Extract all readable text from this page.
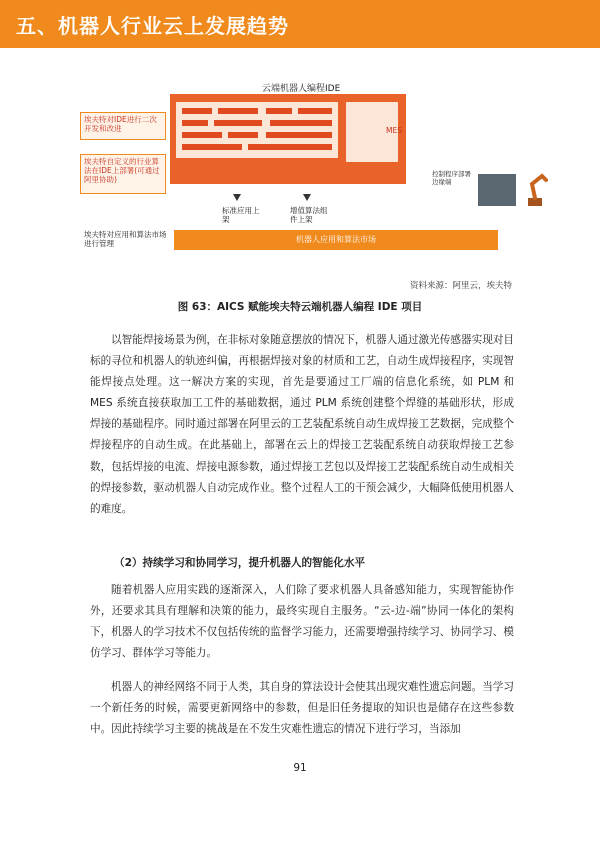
五、机器人行业云上发展趋势
埃夫特对IDE进行二次开发和改进
埃夫特自定义的行业算法在IDE上部署(可通过阿里协助)
埃夫特对应用和算法市场进行管理
云端机器人编程IDE
MES
标准应用上架
增值算法组件上架
机器人应用和算法市场
控制程序部署边缘端
资料来源：阿里云，埃夫特
图 63：AICS 赋能埃夫特云端机器人编程 IDE 项目
以智能焊接场景为例，在非标对象随意摆放的情况下，机器人通过激光传感器实现对目标的寻位和机器人的轨迹纠偏，再根据焊接对象的材质和工艺，自动生成焊接程序，实现智能焊接点处理。这一解决方案的实现，首先是要通过工厂端的信息化系统，如 PLM 和 MES 系统直接获取加工工件的基础数据，通过 PLM 系统创建整个焊缝的基础形状，形成焊接的基础程序。同时通过部署在阿里云的工艺装配系统自动生成焊接工艺数据，完成整个焊接程序的自动生成。在此基础上，部署在云上的焊接工艺装配系统自动获取焊接工艺参数，包括焊接的电流、焊接电源参数，通过焊接工艺包以及焊接工艺装配系统自动生成相关的焊接参数，驱动机器人自动完成作业。整个过程人工的干预会减少，大幅降低使用机器人的难度。
（2）持续学习和协同学习，提升机器人的智能化水平
随着机器人应用实践的逐渐深入，人们除了要求机器人具备感知能力，实现智能协作外，还要求其具有理解和决策的能力，最终实现自主服务。“云-边-端”协同一体化的架构下，机器人的学习技术不仅包括传统的监督学习能力，还需要增强持续学习、协同学习、模仿学习、群体学习等能力。
机器人的神经网络不同于人类，其自身的算法设计会使其出现灾难性遗忘问题。当学习一个新任务的时候，需要更新网络中的参数，但是旧任务提取的知识也是储存在这些参数中。因此持续学习主要的挑战是在不发生灾难性遗忘的情况下进行学习，当添加
91
